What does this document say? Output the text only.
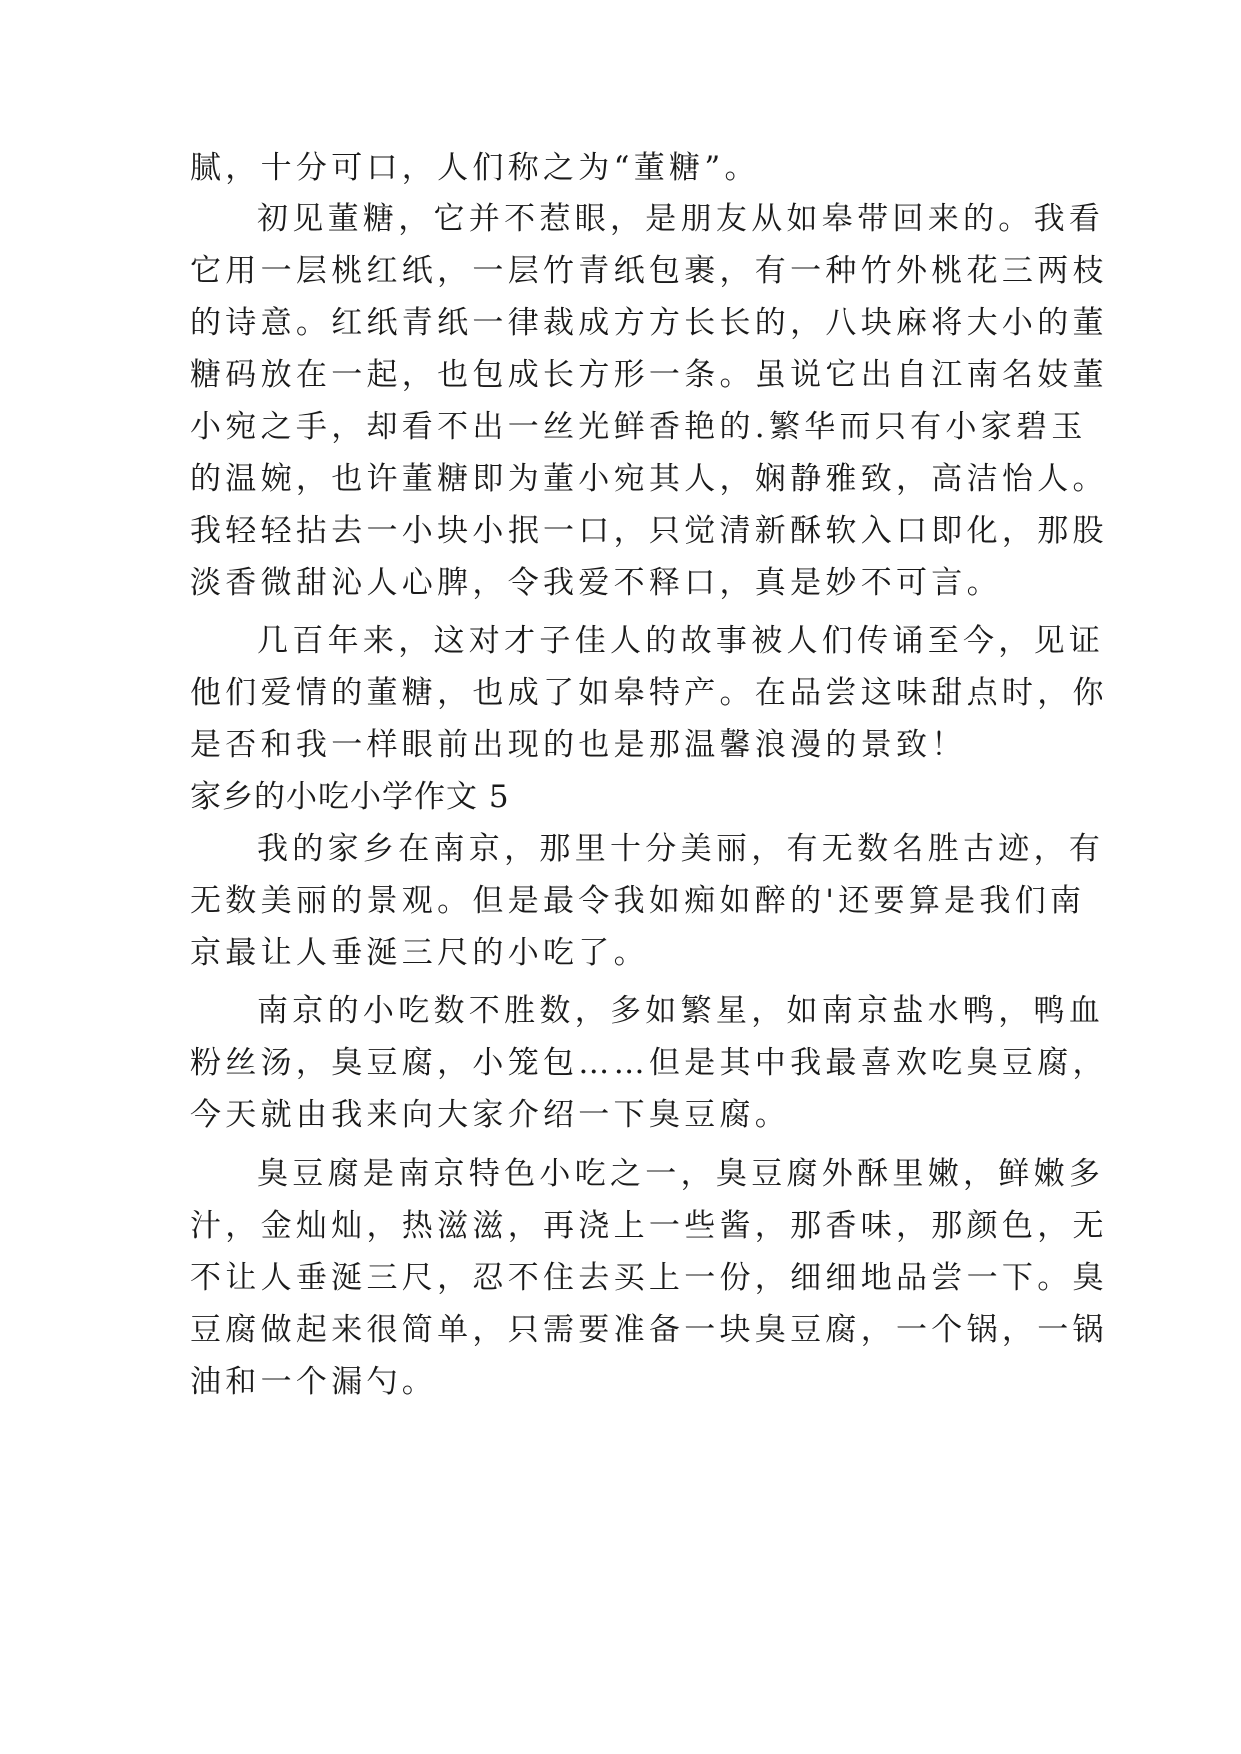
腻，十分可口，人们称之为“董糖”。
初见董糖，它并不惹眼，是朋友从如皋带回来的。我看
它用一层桃红纸，一层竹青纸包裹，有一种竹外桃花三两枝
的诗意。红纸青纸一律裁成方方长长的，八块麻将大小的董
糖码放在一起，也包成长方形一条。虽说它出自江南名妓董
小宛之手，却看不出一丝光鲜香艳的.繁华而只有小家碧玉
的温婉，也许董糖即为董小宛其人，娴静雅致，高洁怡人。
我轻轻拈去一小块小抿一口，只觉清新酥软入口即化，那股
淡香微甜沁人心脾，令我爱不释口，真是妙不可言。
几百年来，这对才子佳人的故事被人们传诵至今，见证
他们爱情的董糖，也成了如皋特产。在品尝这味甜点时，你
是否和我一样眼前出现的也是那温馨浪漫的景致！
家乡的小吃小学作文 5
我的家乡在南京，那里十分美丽，有无数名胜古迹，有
无数美丽的景观。但是最令我如痴如醉的'还要算是我们南
京最让人垂涎三尺的小吃了。
南京的小吃数不胜数，多如繁星，如南京盐水鸭，鸭血
粉丝汤，臭豆腐，小笼包……但是其中我最喜欢吃臭豆腐，
今天就由我来向大家介绍一下臭豆腐。
臭豆腐是南京特色小吃之一，臭豆腐外酥里嫩，鲜嫩多
汁，金灿灿，热滋滋，再浇上一些酱，那香味，那颜色，无
不让人垂涎三尺，忍不住去买上一份，细细地品尝一下。臭
豆腐做起来很简单，只需要准备一块臭豆腐，一个锅，一锅
油和一个漏勺。
